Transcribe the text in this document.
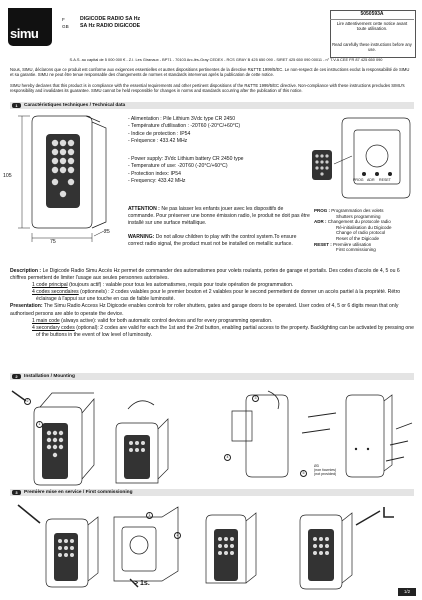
simu
F
GB
DIGICODE RADIO SA Hz
SA Hz RADIO DIGICODE
5050593A
Lire attentivement cette notice avant toute utilisation.
Read carefully these instructions before any use.
S.A.S. au capital de 5 000 000 € - Z.I. Les Giranaux - BP71 - 70103 Arc-lès-Gray CEDEX - RCS GRAY B 425 650 090 - SIRET 425 650 090 00011 - n° T.V.A CEE FR 87 425 650 090
Nous, SIMU, déclarons que ce produit est conforme aux exigences essentielles et autres dispositions pertinentes de la directive R&TTE 1999/5/EC. Le non-respect de ces instructions exclut la responsabilité de SIMU et sa garantie. SIMU ne peut être tenue responsable des changements de normes et standards intervenus après la publication de cette notice.
SIMU hereby declares that this product is in compliance with the essential requirements and other pertinent dispositions of the R&TTE 1999/5/EC directive. Non-compliance with these instructions precludes SIMU's responsibility and invalidates its guarantee. SIMU cannot be held responsible for changes in norms and standards occurring after the publication of this notice.
1	Caractéristiques techniques / Technical data
105
75
25
- Alimentation : Pile Lithium 3Vdc type CR 2450
- Température d'utilisation : -20T60 (-20°C/+60°C)
- Indice de protection : IP54
- Fréquence : 433.42 MHz
- Power supply: 3Vdc Lithium battery CR 2450 type
- Temperature of use: -20T60 (-20°C/+60°C)
- Protection index: IP54
- Frequency: 433.42 MHz
ATTENTION : Ne pas laisser les enfants jouer avec les dispositifs de commande. Pour préserver une bonne émission radio, le produit ne doit pas être installé sur une surface métallique.
WARNING: Do not allow children to play with the control system.To ensure correct radio signal, the product must not be installed on metallic surface.
PROG ADR RESET
PROG : Programmation des volets
Shutters programming
ADR : Changement du protocole radio
Ré-initialisation du Digicode
Change of radio protocol
Reset of the Digicode
RESET : Première utilisation
First commissioning
Description : Le Digicode Radio Simu Accès Hz permet de commander des automatismes pour volets roulants, portes de garage et portails. Des codes d'accès de 4, 5 ou 6 chiffres permettent de limiter l'usage aux seules personnes autorisées.
1 code principal (toujours actif) : valable pour tous les automatismes, requis pour toute opération de programmation.
4 codes secondaires (optionnels) : 2 codes valables pour le premier bouton et 2 valables pour le second permettent de donner un accès partiel à la propriété. Rétro éclairage à l'appui sur une touche en cas de faible luminosité.
Presentation: The Simu Radio Access Hz Digicode enables controls for roller shutters, gates and garage doors to be operated. User codes of 4, 5 or 6 digits mean that only authorised persons are able to operate the device.
1 main code (always active): valid for both automatic control devices and for every programming operation.
4 secondary codes (optional): 2 codes are valid for each the 1st and the 2nd button, enabling partial access to the property. Backlighting can be activated by pressing one of the buttons in the event of low level of luminosity.
2	Installation / Mounting
1
2
3
4
5
Ø3
(non fournies)
(not provided)
3	Première mise en service / First commissioning
1
2
> 1s.
1/2
